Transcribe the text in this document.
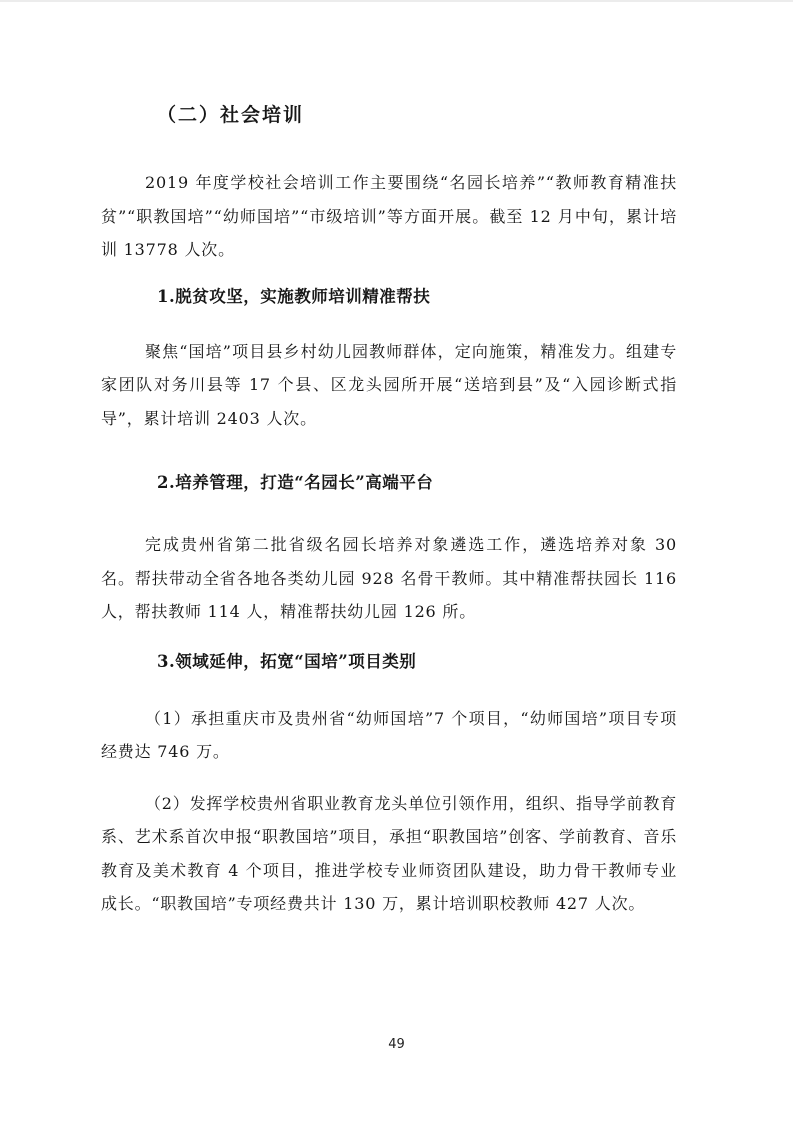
（二）社会培训

2019 年度学校社会培训工作主要围绕“名园长培养”“教师教育精准扶贫”“职教国培”“幼师国培”“市级培训”等方面开展。截至 12 月中旬，累计培训 13778 人次。

1.脱贫攻坚，实施教师培训精准帮扶

聚焦“国培”项目县乡村幼儿园教师群体，定向施策，精准发力。组建专家团队对务川县等 17 个县、区龙头园所开展“送培到县”及“入园诊断式指导”，累计培训 2403 人次。

2.培养管理，打造“名园长”高端平台

完成贵州省第二批省级名园长培养对象遴选工作，遴选培养对象 30 名。帮扶带动全省各地各类幼儿园 928 名骨干教师。其中精准帮扶园长 116 人，帮扶教师 114 人，精准帮扶幼儿园 126 所。

3.领域延伸，拓宽“国培”项目类别

（1）承担重庆市及贵州省“幼师国培”7 个项目，“幼师国培”项目专项经费达 746 万。

（2）发挥学校贵州省职业教育龙头单位引领作用，组织、指导学前教育系、艺术系首次申报“职教国培”项目，承担“职教国培”创客、学前教育、音乐教育及美术教育 4 个项目，推进学校专业师资团队建设，助力骨干教师专业成长。“职教国培”专项经费共计 130 万，累计培训职校教师 427 人次。

49
